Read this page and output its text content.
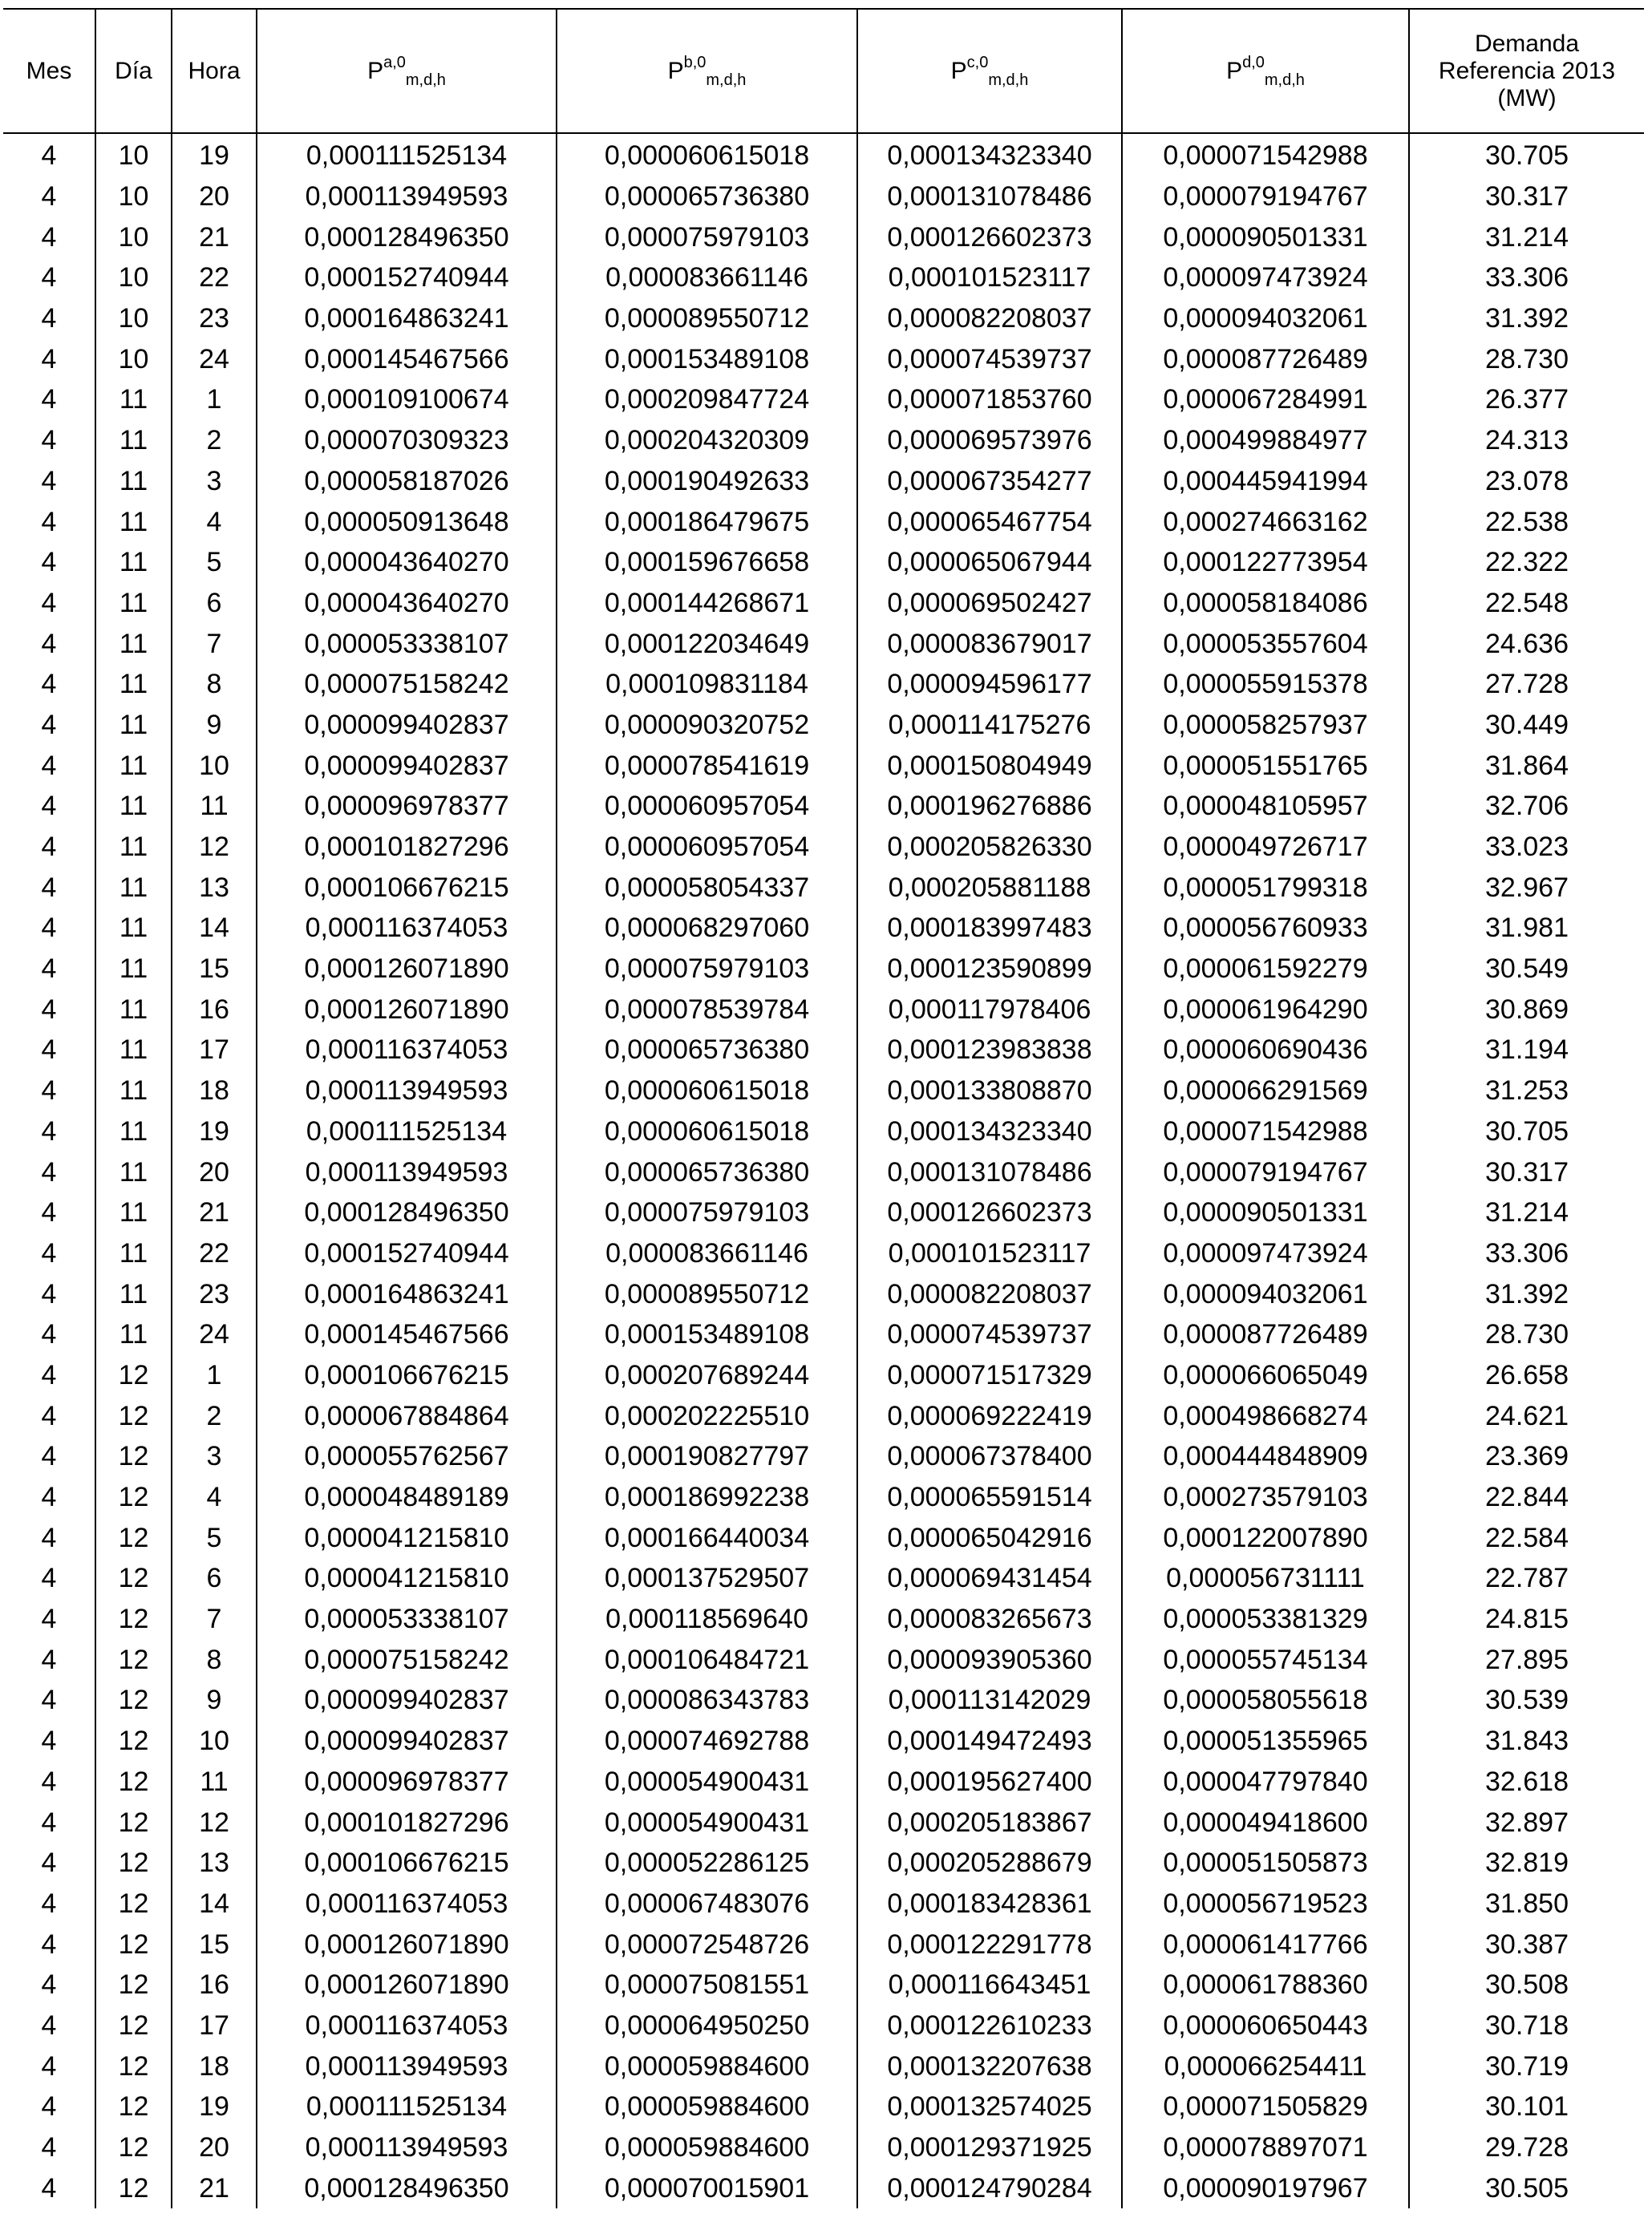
Mes	Día	Hora	P$^{a,0}_{m,d,h}$	P$^{b,0}_{m,d,h}$	P$^{c,0}_{m,d,h}$	P$^{d,0}_{m,d,h}$	Demanda
Referencia 2013
(MW)
4	10	19	0,000111525134	0,000060615018	0,000134323340	0,000071542988	30.705
4	10	20	0,000113949593	0,000065736380	0,000131078486	0,000079194767	30.317
4	10	21	0,000128496350	0,000075979103	0,000126602373	0,000090501331	31.214
4	10	22	0,000152740944	0,000083661146	0,000101523117	0,000097473924	33.306
4	10	23	0,000164863241	0,000089550712	0,000082208037	0,000094032061	31.392
4	10	24	0,000145467566	0,000153489108	0,000074539737	0,000087726489	28.730
4	11	1	0,000109100674	0,000209847724	0,000071853760	0,000067284991	26.377
4	11	2	0,000070309323	0,000204320309	0,000069573976	0,000499884977	24.313
4	11	3	0,000058187026	0,000190492633	0,000067354277	0,000445941994	23.078
4	11	4	0,000050913648	0,000186479675	0,000065467754	0,000274663162	22.538
4	11	5	0,000043640270	0,000159676658	0,000065067944	0,000122773954	22.322
4	11	6	0,000043640270	0,000144268671	0,000069502427	0,000058184086	22.548
4	11	7	0,000053338107	0,000122034649	0,000083679017	0,000053557604	24.636
4	11	8	0,000075158242	0,000109831184	0,000094596177	0,000055915378	27.728
4	11	9	0,000099402837	0,000090320752	0,000114175276	0,000058257937	30.449
4	11	10	0,000099402837	0,000078541619	0,000150804949	0,000051551765	31.864
4	11	11	0,000096978377	0,000060957054	0,000196276886	0,000048105957	32.706
4	11	12	0,000101827296	0,000060957054	0,000205826330	0,000049726717	33.023
4	11	13	0,000106676215	0,000058054337	0,000205881188	0,000051799318	32.967
4	11	14	0,000116374053	0,000068297060	0,000183997483	0,000056760933	31.981
4	11	15	0,000126071890	0,000075979103	0,000123590899	0,000061592279	30.549
4	11	16	0,000126071890	0,000078539784	0,000117978406	0,000061964290	30.869
4	11	17	0,000116374053	0,000065736380	0,000123983838	0,000060690436	31.194
4	11	18	0,000113949593	0,000060615018	0,000133808870	0,000066291569	31.253
4	11	19	0,000111525134	0,000060615018	0,000134323340	0,000071542988	30.705
4	11	20	0,000113949593	0,000065736380	0,000131078486	0,000079194767	30.317
4	11	21	0,000128496350	0,000075979103	0,000126602373	0,000090501331	31.214
4	11	22	0,000152740944	0,000083661146	0,000101523117	0,000097473924	33.306
4	11	23	0,000164863241	0,000089550712	0,000082208037	0,000094032061	31.392
4	11	24	0,000145467566	0,000153489108	0,000074539737	0,000087726489	28.730
4	12	1	0,000106676215	0,000207689244	0,000071517329	0,000066065049	26.658
4	12	2	0,000067884864	0,000202225510	0,000069222419	0,000498668274	24.621
4	12	3	0,000055762567	0,000190827797	0,000067378400	0,000444848909	23.369
4	12	4	0,000048489189	0,000186992238	0,000065591514	0,000273579103	22.844
4	12	5	0,000041215810	0,000166440034	0,000065042916	0,000122007890	22.584
4	12	6	0,000041215810	0,000137529507	0,000069431454	0,000056731111	22.787
4	12	7	0,000053338107	0,000118569640	0,000083265673	0,000053381329	24.815
4	12	8	0,000075158242	0,000106484721	0,000093905360	0,000055745134	27.895
4	12	9	0,000099402837	0,000086343783	0,000113142029	0,000058055618	30.539
4	12	10	0,000099402837	0,000074692788	0,000149472493	0,000051355965	31.843
4	12	11	0,000096978377	0,000054900431	0,000195627400	0,000047797840	32.618
4	12	12	0,000101827296	0,000054900431	0,000205183867	0,000049418600	32.897
4	12	13	0,000106676215	0,000052286125	0,000205288679	0,000051505873	32.819
4	12	14	0,000116374053	0,000067483076	0,000183428361	0,000056719523	31.850
4	12	15	0,000126071890	0,000072548726	0,000122291778	0,000061417766	30.387
4	12	16	0,000126071890	0,000075081551	0,000116643451	0,000061788360	30.508
4	12	17	0,000116374053	0,000064950250	0,000122610233	0,000060650443	30.718
4	12	18	0,000113949593	0,000059884600	0,000132207638	0,000066254411	30.719
4	12	19	0,000111525134	0,000059884600	0,000132574025	0,000071505829	30.101
4	12	20	0,000113949593	0,000059884600	0,000129371925	0,000078897071	29.728
4	12	21	0,000128496350	0,000070015901	0,000124790284	0,000090197967	30.505
